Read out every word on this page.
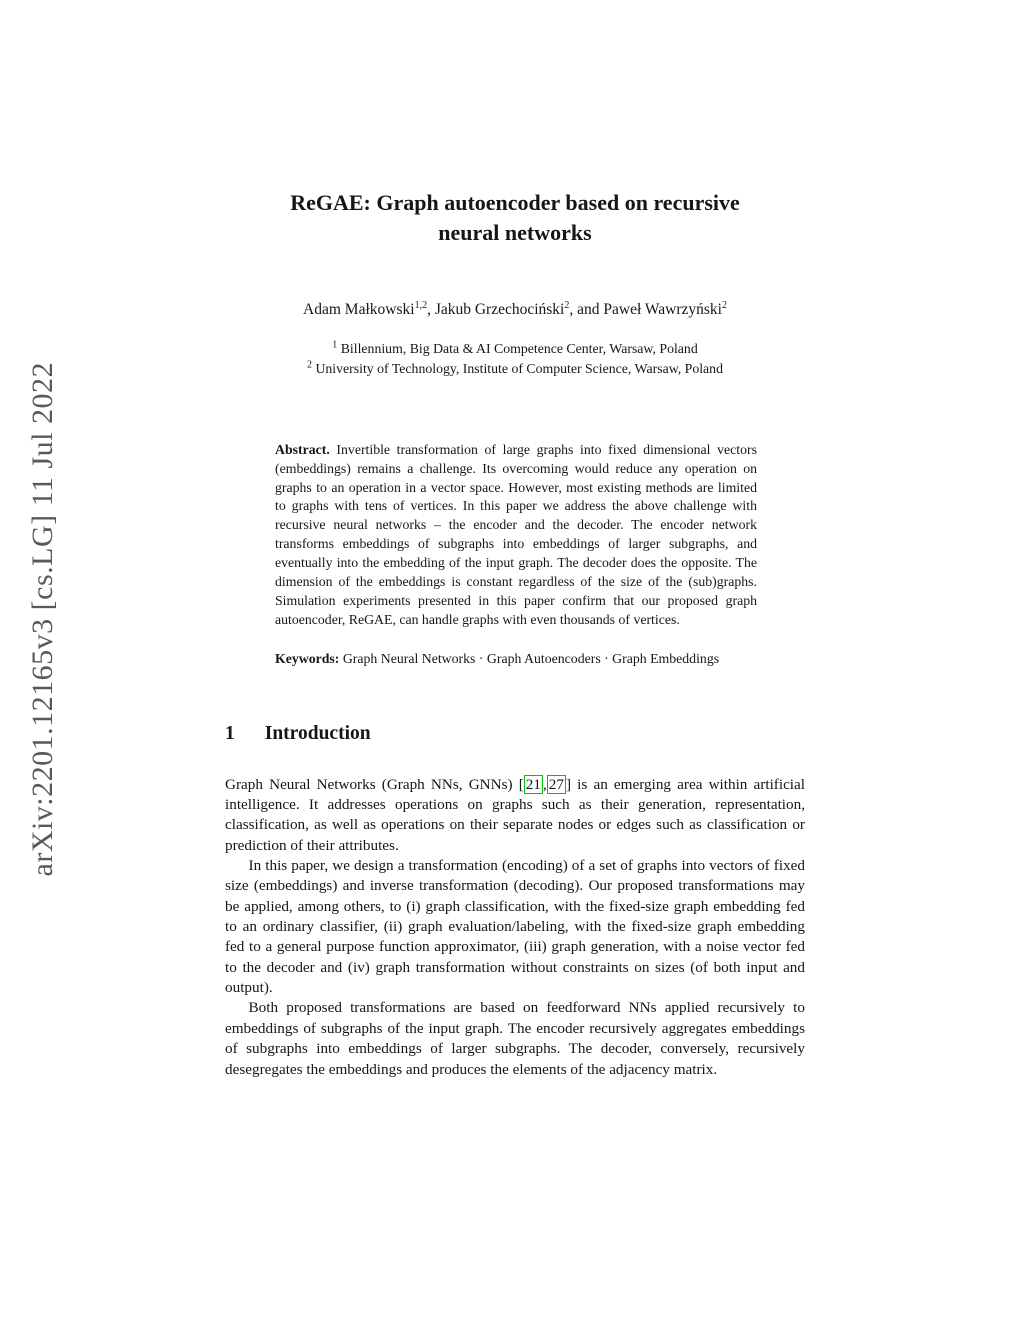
arXiv:2201.12165v3 [cs.LG] 11 Jul 2022
ReGAE: Graph autoencoder based on recursive
neural networks
Adam Małkowski$^{1,2}$, Jakub Grzechociński$^2$, and Paweł Wawrzyński$^2$
$^1$ Billennium, Big Data & AI Competence Center, Warsaw, Poland
$^2$ University of Technology, Institute of Computer Science, Warsaw, Poland

Abstract. Invertible transformation of large graphs into fixed dimensional vectors (embeddings) remains a challenge. Its overcoming would reduce any operation on graphs to an operation in a vector space. However, most existing methods are limited to graphs with tens of vertices. In this paper we address the above challenge with recursive neural networks – the encoder and the decoder. The encoder network transforms embeddings of subgraphs into embeddings of larger subgraphs, and eventually into the embedding of the input graph. The decoder does the opposite. The dimension of the embeddings is constant regardless of the size of the (sub)graphs. Simulation experiments presented in this paper confirm that our proposed graph autoencoder, ReGAE, can handle graphs with even thousands of vertices.

Keywords: Graph Neural Networks · Graph Autoencoders · Graph Embeddings

1 Introduction

Graph Neural Networks (Graph NNs, GNNs) [ 21 , 27 ] is an emerging area within artificial intelligence. It addresses operations on graphs such as their generation, representation, classification, as well as operations on their separate nodes or edges such as classification or prediction of their attributes.

In this paper, we design a transformation (encoding) of a set of graphs into vectors of fixed size (embeddings) and inverse transformation (decoding). Our proposed transformations may be applied, among others, to (i) graph classification, with the fixed-size graph embedding fed to an ordinary classifier, (ii) graph evaluation/labeling, with the fixed-size graph embedding fed to a general purpose function approximator, (iii) graph generation, with a noise vector fed to the decoder and (iv) graph transformation without constraints on sizes (of both input and output).

Both proposed transformations are based on feedforward NNs applied recursively to embeddings of subgraphs of the input graph. The encoder recursively aggregates embeddings of subgraphs into embeddings of larger subgraphs. The decoder, conversely, recursively desegregates the embeddings and produces the elements of the adjacency matrix.
